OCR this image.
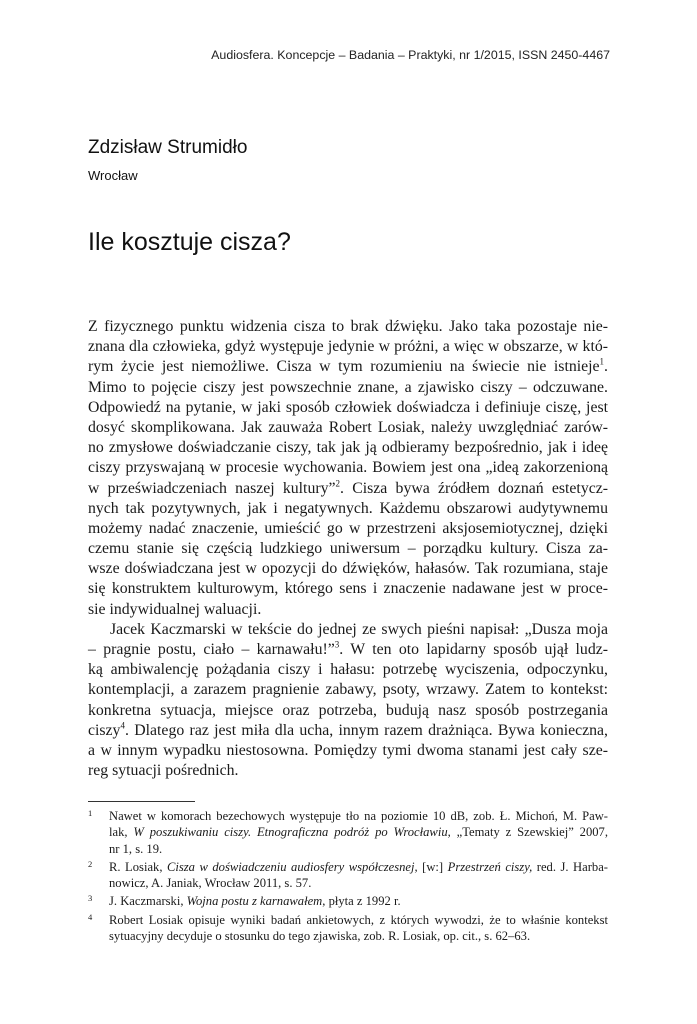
Audiosfera. Koncepcje – Badania – Praktyki, nr 1/2015, ISSN 2450-4467
Zdzisław Strumidło
Wrocław
Ile kosztuje cisza?
Z fizycznego punktu widzenia cisza to brak dźwięku. Jako taka pozostaje nie-
znana dla człowieka, gdyż występuje jedynie w próżni, a więc w obszarze, w któ-
rym życie jest niemożliwe. Cisza w tym rozumieniu na świecie nie istnieje$^1$.
Mimo to pojęcie ciszy jest powszechnie znane, a zjawisko ciszy – odczuwane.
Odpowiedź na pytanie, w jaki sposób człowiek doświadcza i definiuje ciszę, jest
dosyć skomplikowana. Jak zauważa Robert Losiak, należy uwzględniać zarów-
no zmysłowe doświadczanie ciszy, tak jak ją odbieramy bezpośrednio, jak i ideę
ciszy przyswajaną w procesie wychowania. Bowiem jest ona „ideą zakorzenioną
w przeświadczeniach naszej kultury”$^2$. Cisza bywa źródłem doznań estetycz-
nych tak pozytywnych, jak i negatywnych. Każdemu obszarowi audytywnemu
możemy nadać znaczenie, umieścić go w przestrzeni aksjosemiotycznej, dzięki
czemu stanie się częścią ludzkiego uniwersum – porządku kultury. Cisza za-
wsze doświadczana jest w opozycji do dźwięków, hałasów. Tak rozumiana, staje
się konstruktem kulturowym, którego sens i znaczenie nadawane jest w proce-
sie indywidualnej waluacji.
Jacek Kaczmarski w tekście do jednej ze swych pieśni napisał: „Dusza moja
– pragnie postu, ciało – karnawału!”$^3$. W ten oto lapidarny sposób ujął ludz-
ką ambiwalencję pożądania ciszy i hałasu: potrzebę wyciszenia, odpoczynku,
kontemplacji, a zarazem pragnienie zabawy, psoty, wrzawy. Zatem to kontekst:
konkretna sytuacja, miejsce oraz potrzeba, budują nasz sposób postrzegania
ciszy$^4$. Dlatego raz jest miła dla ucha, innym razem drażniąca. Bywa konieczna,
a w innym wypadku niestosowna. Pomiędzy tymi dwoma stanami jest cały sze-
reg sytuacji pośrednich.
1 Nawet w komorach bezechowych występuje tło na poziomie 10 dB, zob. Ł. Michoń, M. Paw-
lak, W poszukiwaniu ciszy. Etnograficzna podróż po Wrocławiu, „Tematy z Szewskiej” 2007,
nr 1, s. 19.
2 R. Losiak, Cisza w doświadczeniu audiosfery współczesnej, [w:] Przestrzeń ciszy, red. J. Harba-
nowicz, A. Janiak, Wrocław 2011, s. 57.
3 J. Kaczmarski, Wojna postu z karnawałem, płyta z 1992 r.
4 Robert Losiak opisuje wyniki badań ankietowych, z których wywodzi, że to właśnie kontekst
sytuacyjny decyduje o stosunku do tego zjawiska, zob. R. Losiak, op. cit., s. 62–63.
